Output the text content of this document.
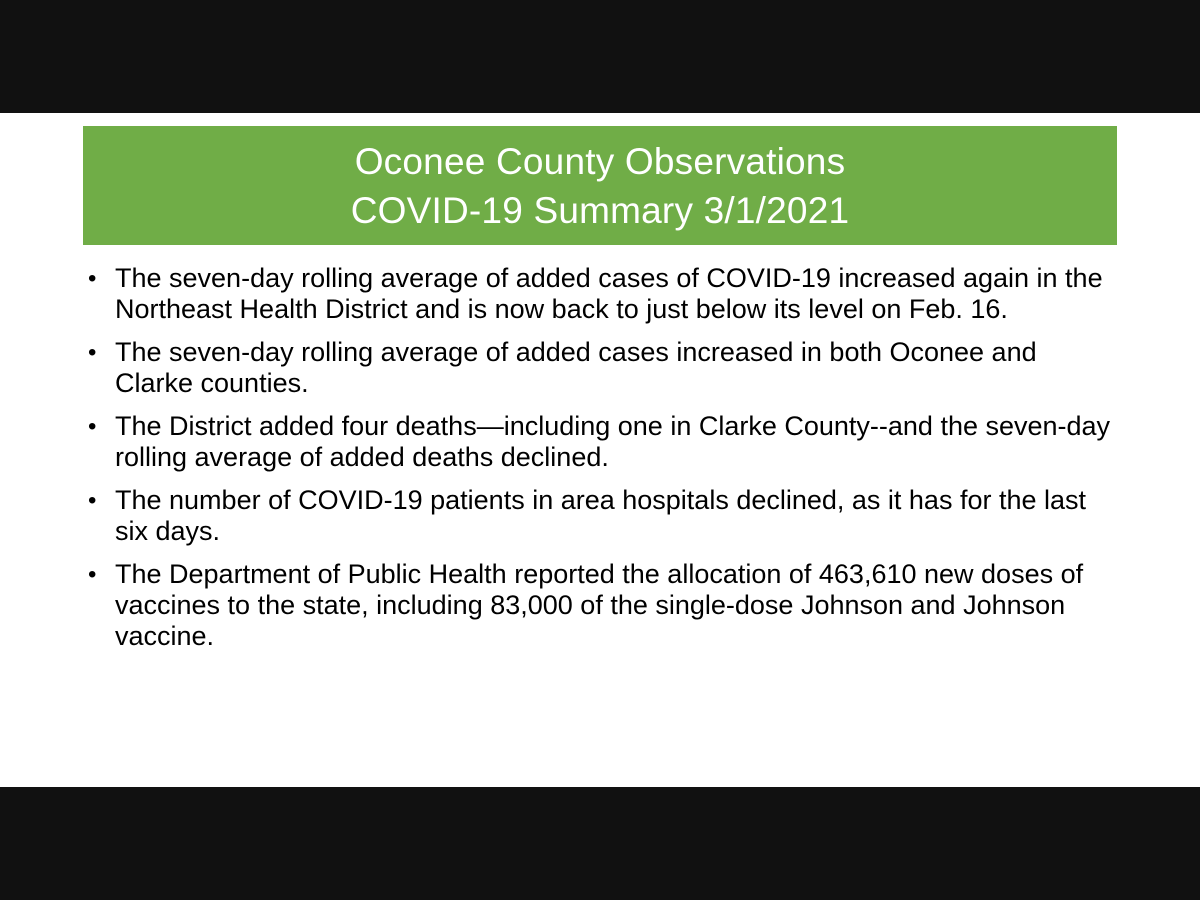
Oconee County Observations
COVID-19 Summary 3/1/2021
• The seven-day rolling average of added cases of COVID-19 increased again in the Northeast Health District and is now back to just below its level on Feb. 16.
• The seven-day rolling average of added cases increased in both Oconee and Clarke counties.
• The District added four deaths—including one in Clarke County--and the seven-day rolling average of added deaths declined.
• The number of COVID-19 patients in area hospitals declined, as it has for the last six days.
• The Department of Public Health reported the allocation of 463,610 new doses of vaccines to the state, including 83,000 of the single-dose Johnson and Johnson vaccine.
